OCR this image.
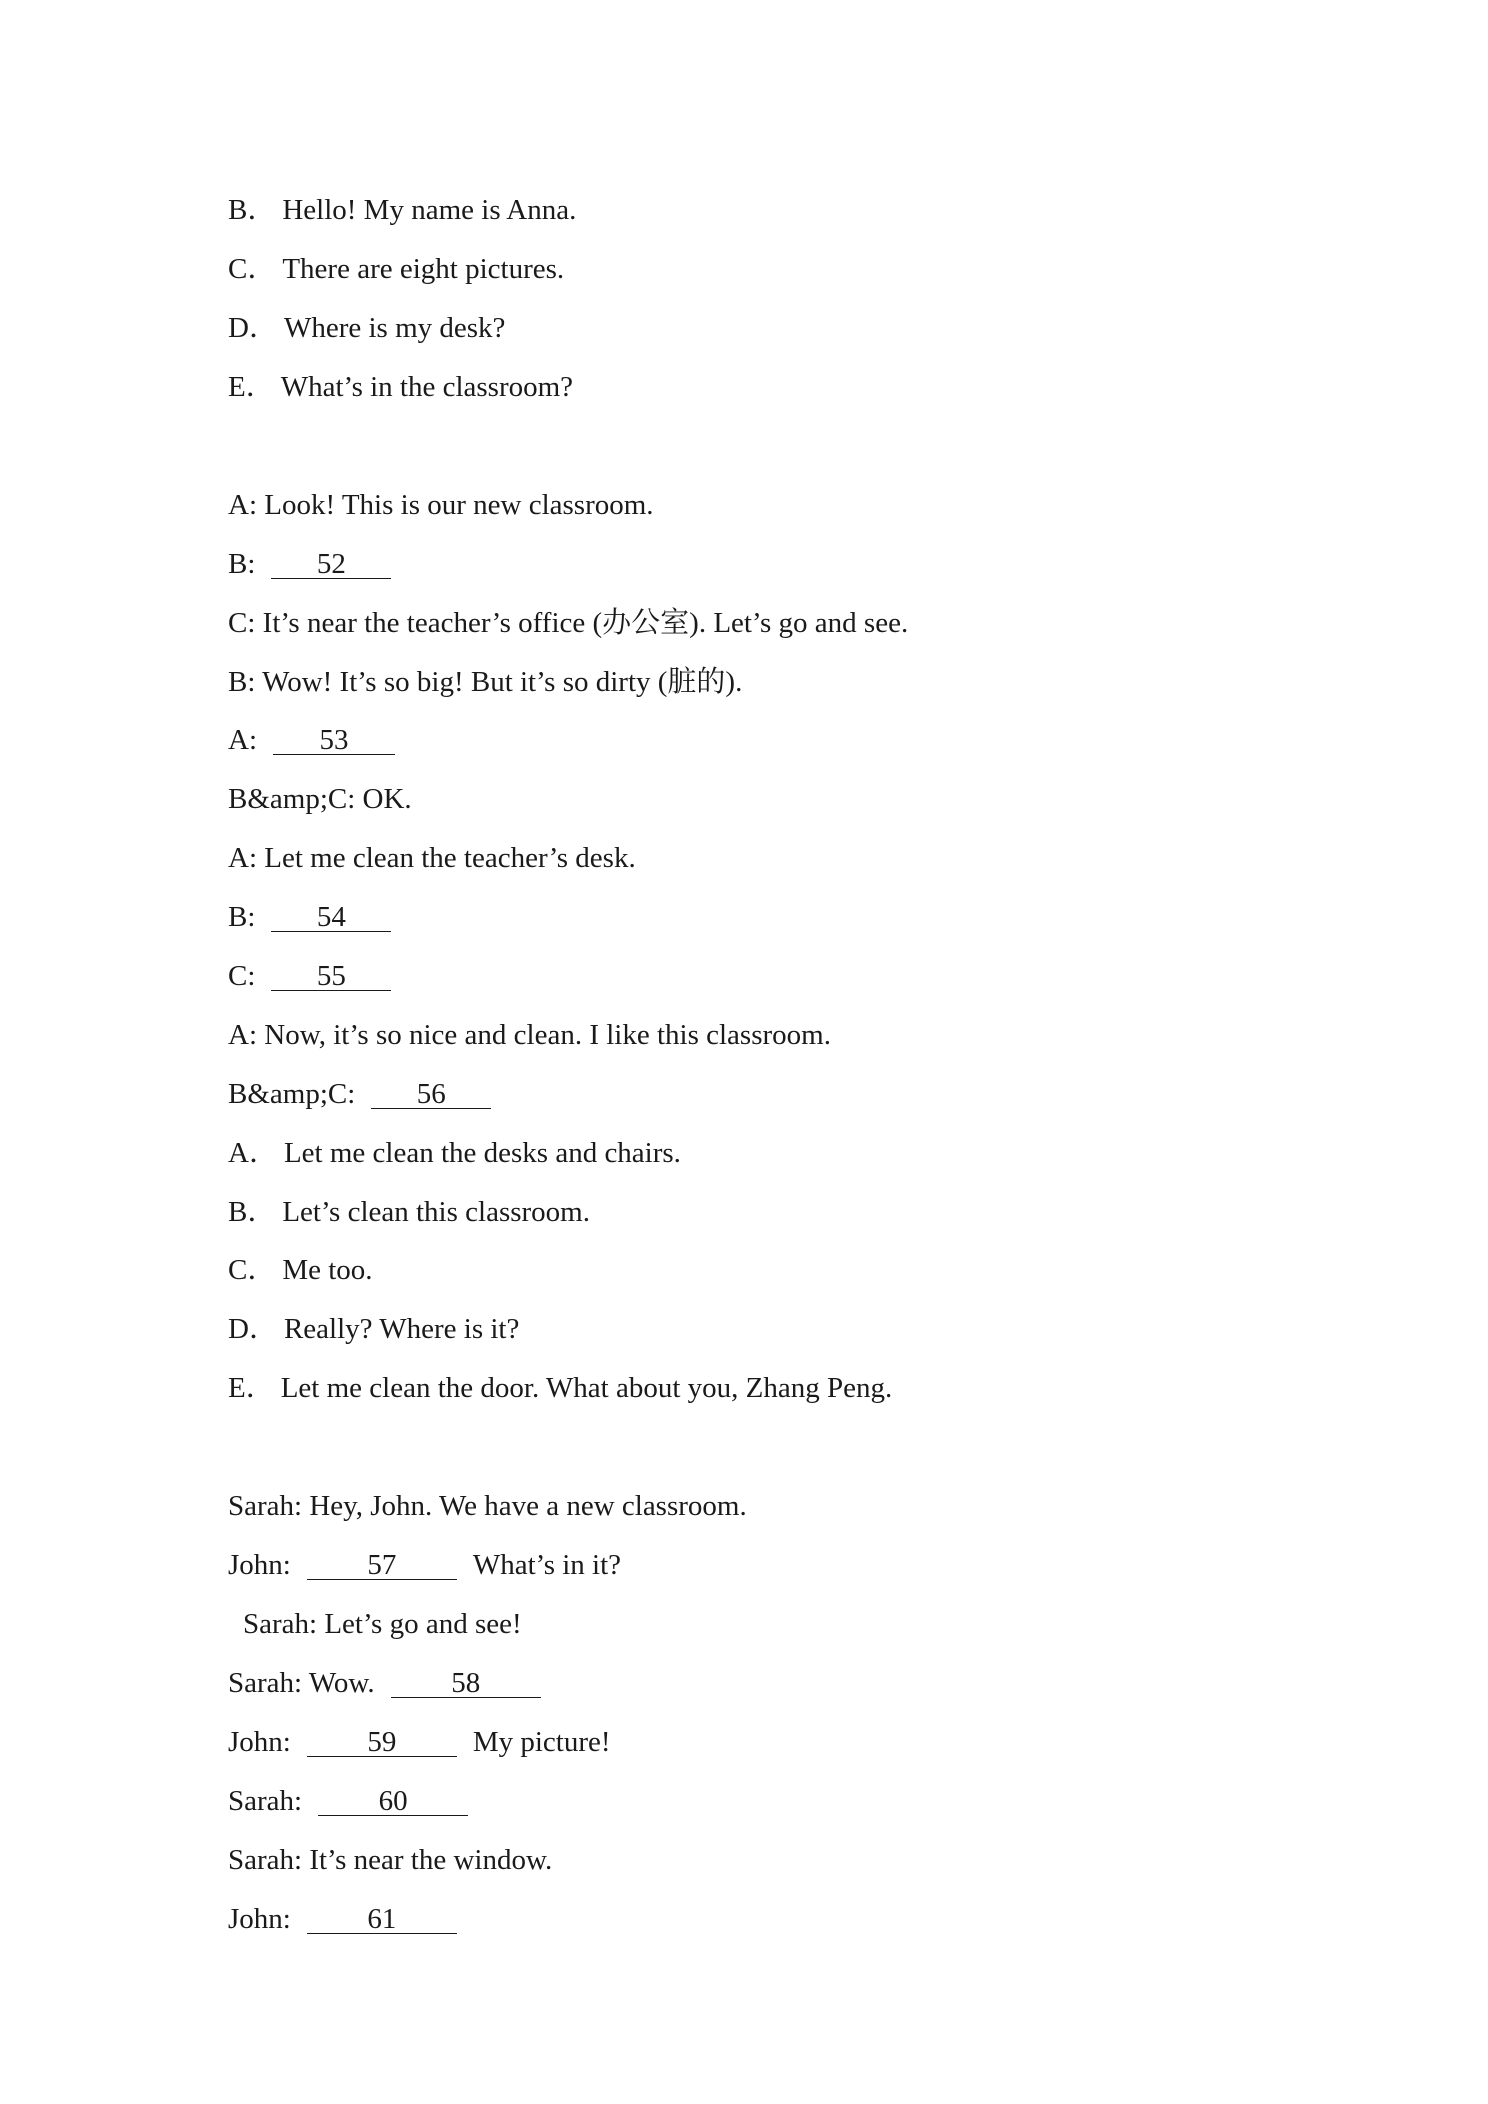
B． Hello! My name is Anna.
C． There are eight pictures.
D． Where is my desk?
E． What’s in the classroom?
A: Look! This is our new classroom.
B: 52
C: It’s near the teacher’s office (办公室). Let’s go and see.
B: Wow! It’s so big! But it’s so dirty (脏的).
A: 53
B&amp;C: OK.
A: Let me clean the teacher’s desk.
B: 54
C: 55
A: Now, it’s so nice and clean. I like this classroom.
B&amp;C: 56
A． Let me clean the desks and chairs.
B． Let’s clean this classroom.
C． Me too.
D． Really? Where is it?
E． Let me clean the door. What about you, Zhang Peng.
Sarah: Hey, John. We have a new classroom.
John:	57	What’s in it?
Sarah: Let’s go and see!
Sarah: Wow.	58
John:	59	My picture!
Sarah:	60
Sarah: It’s near the window.
John:	61
